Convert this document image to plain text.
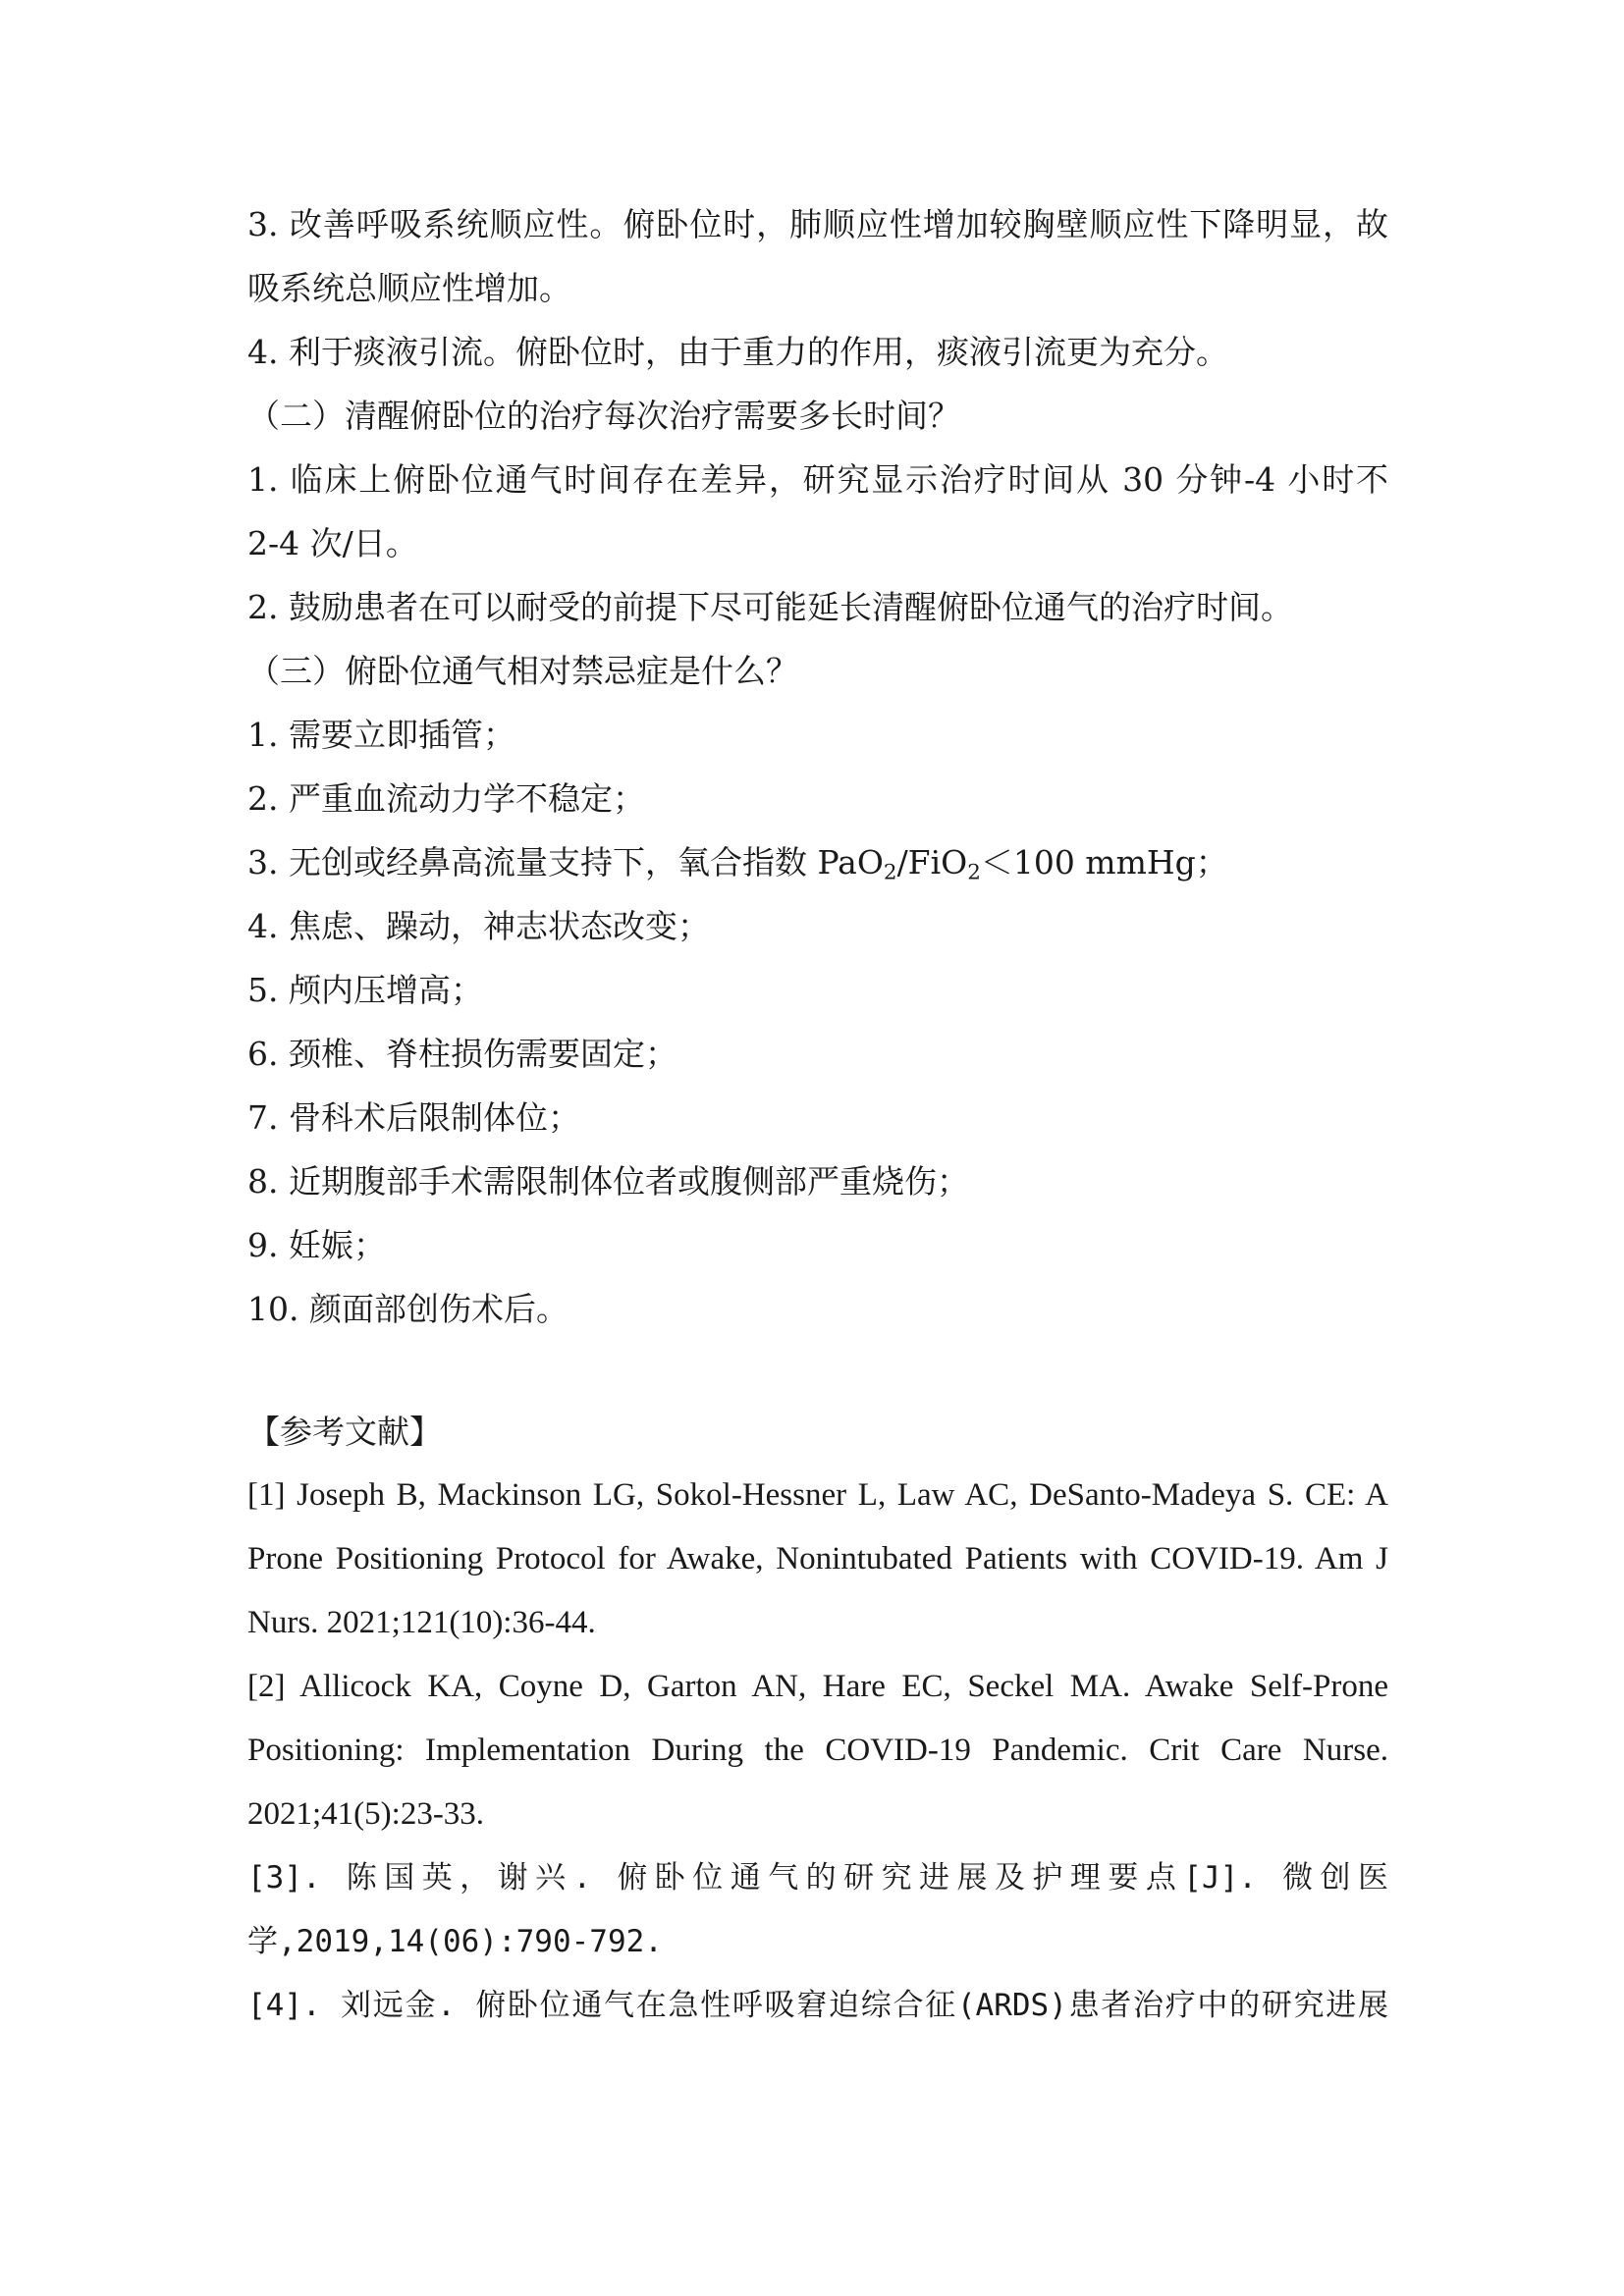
3. 改善呼吸系统顺应性。俯卧位时，肺顺应性增加较胸壁顺应性下降明显，故
吸系统总顺应性增加。
4. 利于痰液引流。俯卧位时，由于重力的作用，痰液引流更为充分。
（二）清醒俯卧位的治疗每次治疗需要多长时间？
1. 临床上俯卧位通气时间存在差异，研究显示治疗时间从 30 分钟-4 小时不
2-4 次/日。
2. 鼓励患者在可以耐受的前提下尽可能延长清醒俯卧位通气的治疗时间。
（三）俯卧位通气相对禁忌症是什么？
1. 需要立即插管；
2. 严重血流动力学不稳定；
3. 无创或经鼻高流量支持下，氧合指数 PaO$_2$/FiO$_2$＜100 mmHg；
4. 焦虑、躁动，神志状态改变；
5. 颅内压增高；
6. 颈椎、脊柱损伤需要固定；
7. 骨科术后限制体位；
8. 近期腹部手术需限制体位者或腹侧部严重烧伤；
9. 妊娠；
10. 颜面部创伤术后。
【参考文献】
[1] Joseph B, Mackinson LG, Sokol-Hessner L, Law AC, DeSanto-Madeya S. CE: A
Prone Positioning Protocol for Awake, Nonintubated Patients with COVID-19. Am J
Nurs. 2021;121(10):36-44.
[2] Allicock KA, Coyne D, Garton AN, Hare EC, Seckel MA. Awake Self-Prone
Positioning: Implementation During the COVID-19 Pandemic. Crit Care Nurse.
2021;41(5):23-33.
[3]. 陈国英，谢兴. 俯卧位通气的研究进展及护理要点[J]. 微创医
学,2019,14(06):790-792.
[4]. 刘远金. 俯卧位通气在急性呼吸窘迫综合征(ARDS)患者治疗中的研究进展
